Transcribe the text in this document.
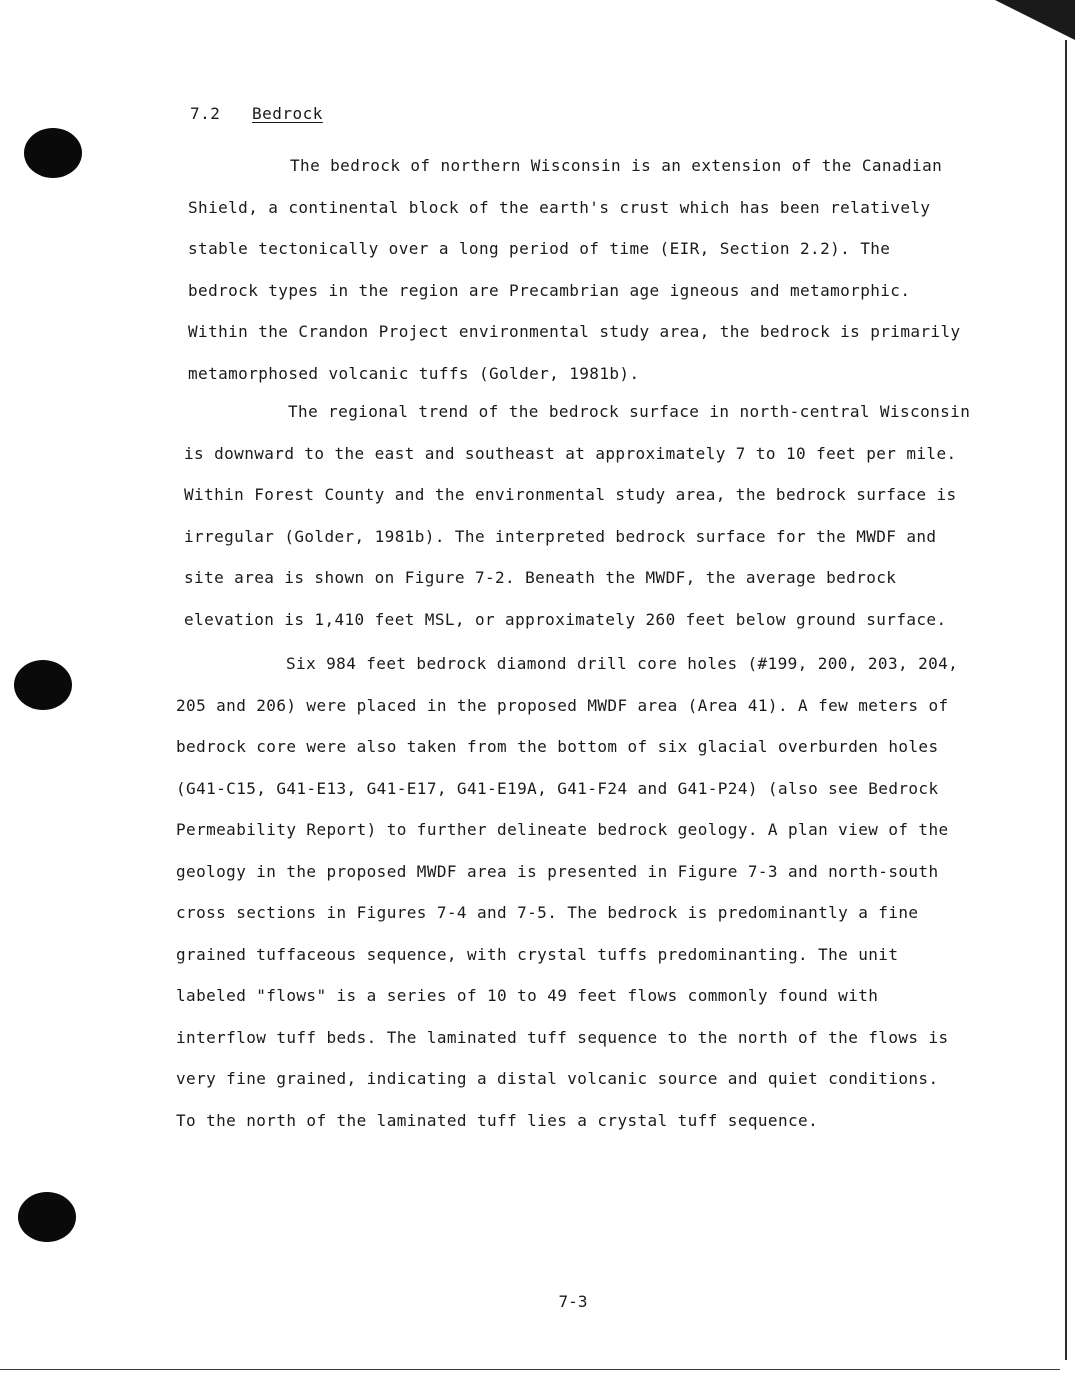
7.2 Bedrock
The bedrock of northern Wisconsin is an extension of the Canadian
Shield, a continental block of the earth's crust which has been relatively
stable tectonically over a long period of time (EIR, Section 2.2). The
bedrock types in the region are Precambrian age igneous and metamorphic.
Within the Crandon Project environmental study area, the bedrock is primarily
metamorphosed volcanic tuffs (Golder, 1981b).
The regional trend of the bedrock surface in north-central Wisconsin
is downward to the east and southeast at approximately 7 to 10 feet per mile.
Within Forest County and the environmental study area, the bedrock surface is
irregular (Golder, 1981b). The interpreted bedrock surface for the MWDF and
site area is shown on Figure 7-2. Beneath the MWDF, the average bedrock
elevation is 1,410 feet MSL, or approximately 260 feet below ground surface.
Six 984 feet bedrock diamond drill core holes (#199, 200, 203, 204,
205 and 206) were placed in the proposed MWDF area (Area 41). A few meters of
bedrock core were also taken from the bottom of six glacial overburden holes
(G41-C15, G41-E13, G41-E17, G41-E19A, G41-F24 and G41-P24) (also see Bedrock
Permeability Report) to further delineate bedrock geology. A plan view of the
geology in the proposed MWDF area is presented in Figure 7-3 and north-south
cross sections in Figures 7-4 and 7-5. The bedrock is predominantly a fine
grained tuffaceous sequence, with crystal tuffs predominanting. The unit
labeled "flows" is a series of 10 to 49 feet flows commonly found with
interflow tuff beds. The laminated tuff sequence to the north of the flows is
very fine grained, indicating a distal volcanic source and quiet conditions.
To the north of the laminated tuff lies a crystal tuff sequence.
7-3
